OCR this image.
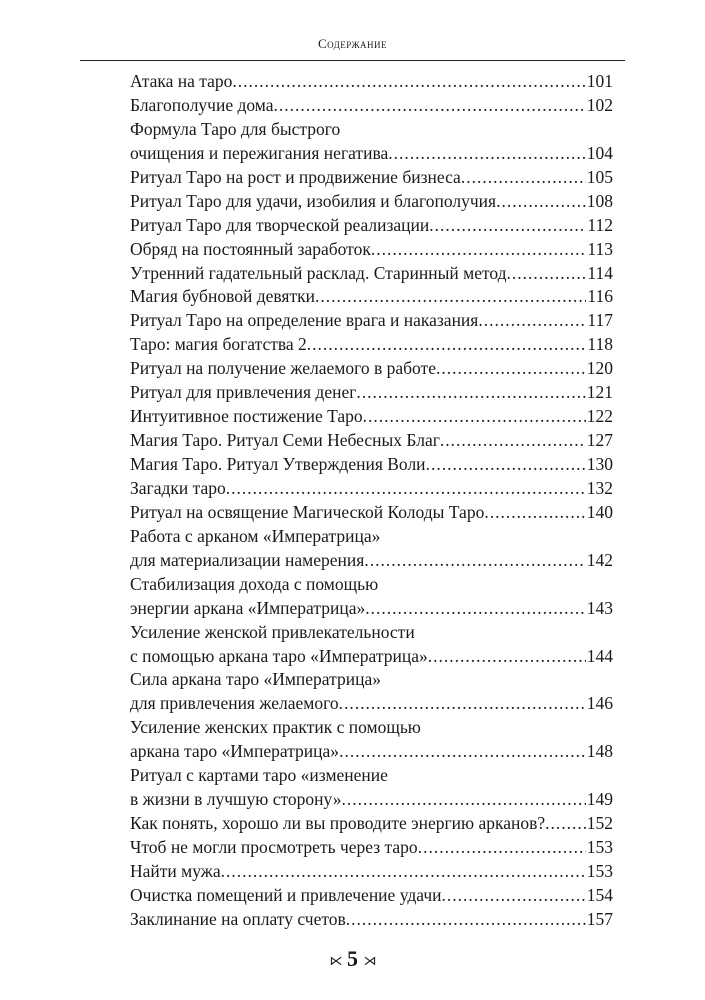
Содержание
Атака на таро .....	101
Благополучие дома .....	102
Формула Таро для быстрого
очищения и пережигания негатива .....	104
Ритуал Таро на рост и продвижение бизнеса .....	105
Ритуал Таро для удачи, изобилия и благополучия .....	108
Ритуал Таро для творческой реализации .....	112
Обряд на постоянный заработок .....	113
Утренний гадательный расклад. Старинный метод .....	114
Магия бубновой девятки .....	116
Ритуал Таро на определение врага и наказания .....	117
Таро: магия богатства 2 .....	118
Ритуал на получение желаемого в работе .....	120
Ритуал для привлечения денег .....	121
Интуитивное постижение Таро .....	122
Магия Таро. Ритуал Семи Небесных Благ .....	127
Магия Таро. Ритуал Утверждения Воли .....	130
Загадки таро .....	132
Ритуал на освящение Магической Колоды Таро .....	140
Работа с арканом «Императрица»
для материализации намерения .....	142
Стабилизация дохода с помощью
энергии аркана «Императрица» .....	143
Усиление женской привлекательности
с помощью аркана таро «Императрица» .....	144
Сила аркана таро «Императрица»
для привлечения желаемого .....	146
Усиление женских практик с помощью
аркана таро «Императрица» .....	148
Ритуал с картами таро «изменение
в жизни в лучшую сторону» .....	149
Как понять, хорошо ли вы проводите энергию арканов? ..... 152
Чтоб не могли просмотреть через таро .....	153
Найти мужа .....	153
Очистка помещений и привлечение удачи .....	154
Заклинание на оплату счетов .....	157
⋉ 5 ⋊
